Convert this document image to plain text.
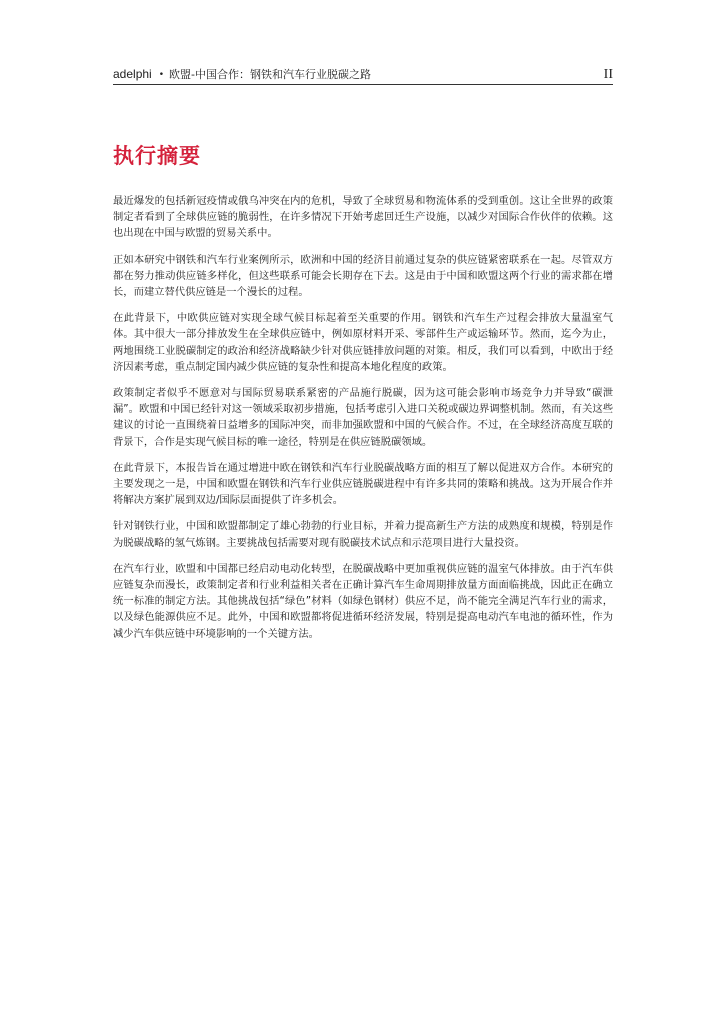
adelphi • 欧盟-中国合作：钢铁和汽车行业脱碳之路	II
执行摘要

最近爆发的包括新冠疫情或俄乌冲突在内的危机，导致了全球贸易和物流体系的受到重创。这让全世界的政策制定者看到了全球供应链的脆弱性，在许多情况下开始考虑回迁生产设施，以减少对国际合作伙伴的依赖。这也出现在中国与欧盟的贸易关系中。

正如本研究中钢铁和汽车行业案例所示，欧洲和中国的经济目前通过复杂的供应链紧密联系在一起。尽管双方都在努力推动供应链多样化，但这些联系可能会长期存在下去。这是由于中国和欧盟这两个行业的需求都在增长，而建立替代供应链是一个漫长的过程。

在此背景下，中欧供应链对实现全球气候目标起着至关重要的作用。钢铁和汽车生产过程会排放大量温室气体。其中很大一部分排放发生在全球供应链中，例如原材料开采、零部件生产或运输环节。然而，迄今为止，两地围绕工业脱碳制定的政治和经济战略缺少针对供应链排放问题的对策。相反，我们可以看到，中欧出于经济因素考虑，重点制定国内减少供应链的复杂性和提高本地化程度的政策。

政策制定者似乎不愿意对与国际贸易联系紧密的产品施行脱碳，因为这可能会影响市场竞争力并导致“碳泄漏”。欧盟和中国已经针对这一领域采取初步措施，包括考虑引入进口关税或碳边界调整机制。然而，有关这些建议的讨论一直围绕着日益增多的国际冲突，而非加强欧盟和中国的气候合作。不过，在全球经济高度互联的背景下，合作是实现气候目标的唯一途径，特别是在供应链脱碳领域。

在此背景下，本报告旨在通过增进中欧在钢铁和汽车行业脱碳战略方面的相互了解以促进双方合作。本研究的主要发现之一是，中国和欧盟在钢铁和汽车行业供应链脱碳进程中有许多共同的策略和挑战。这为开展合作并将解决方案扩展到双边/国际层面提供了许多机会。

针对钢铁行业，中国和欧盟都制定了雄心勃勃的行业目标，并着力提高新生产方法的成熟度和规模，特别是作为脱碳战略的氢气炼钢。主要挑战包括需要对现有脱碳技术试点和示范项目进行大量投资。

在汽车行业，欧盟和中国都已经启动电动化转型，在脱碳战略中更加重视供应链的温室气体排放。由于汽车供应链复杂而漫长，政策制定者和行业利益相关者在正确计算汽车生命周期排放量方面面临挑战，因此正在确立统一标准的制定方法。其他挑战包括“绿色”材料（如绿色钢材）供应不足，尚不能完全满足汽车行业的需求，以及绿色能源供应不足。此外，中国和欧盟都将促进循环经济发展，特别是提高电动汽车电池的循环性，作为减少汽车供应链中环境影响的一个关键方法。
